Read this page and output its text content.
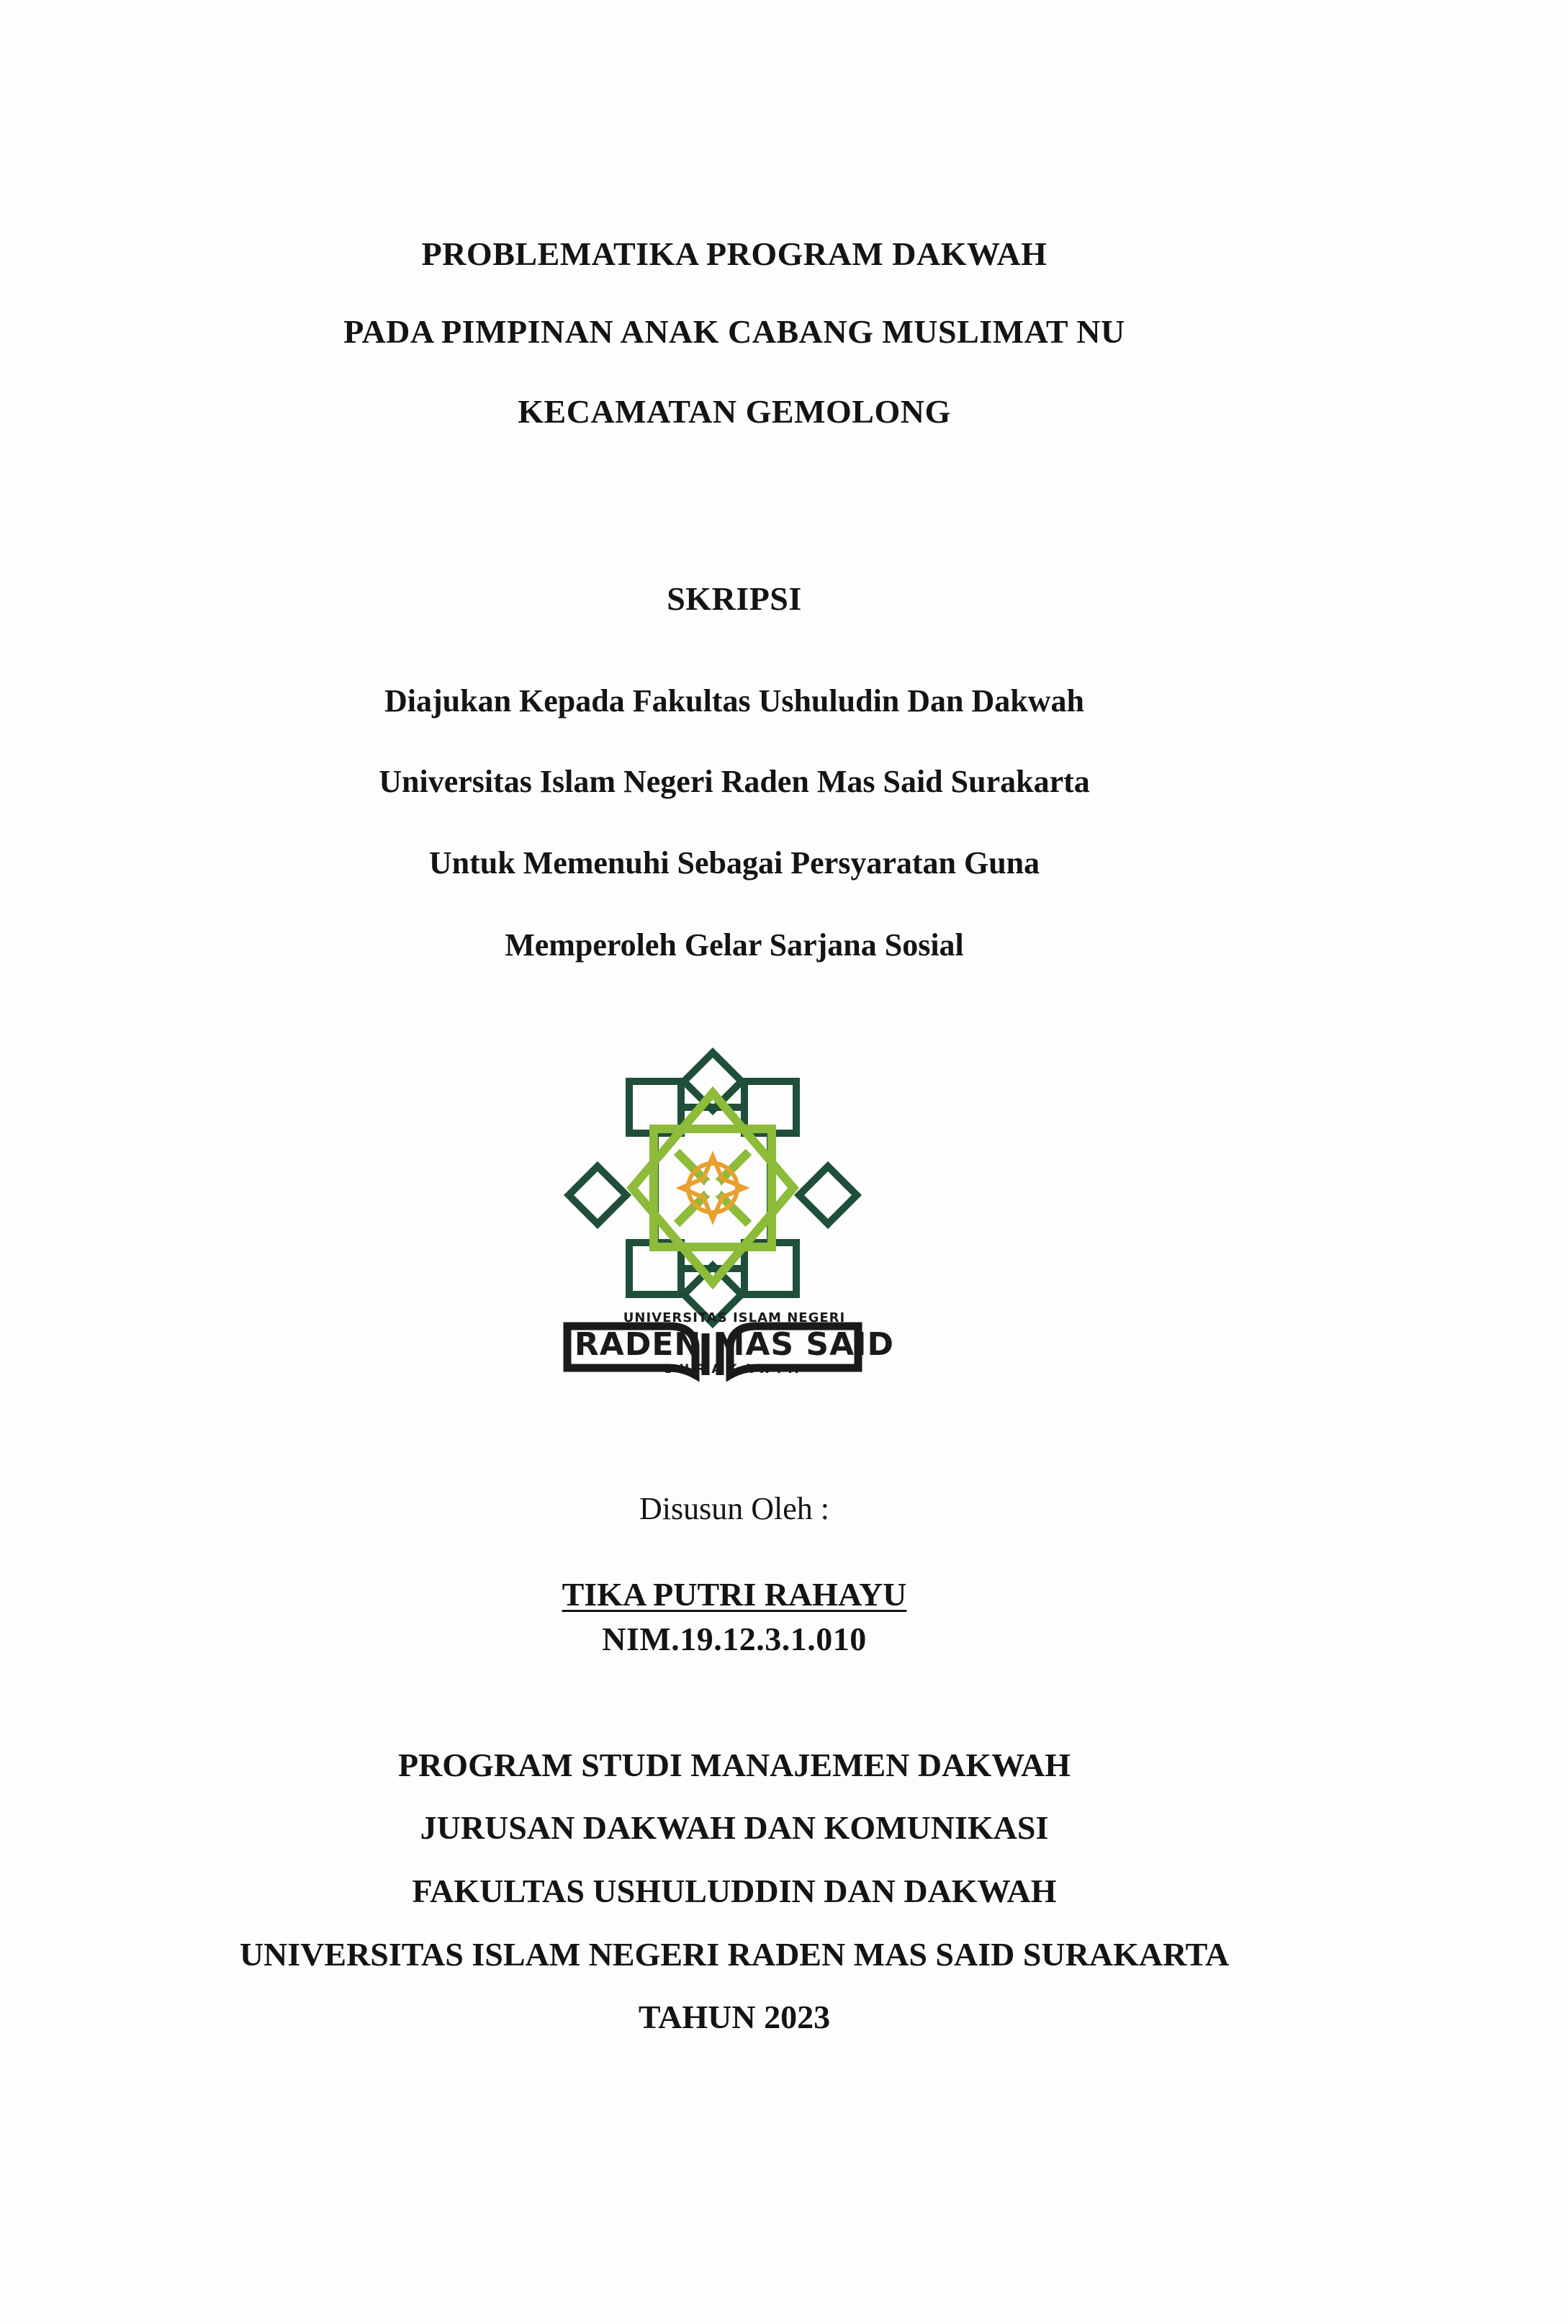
PROBLEMATIKA PROGRAM DAKWAH
PADA PIMPINAN ANAK CABANG MUSLIMAT NU
KECAMATAN GEMOLONG
SKRIPSI
Diajukan Kepada Fakultas Ushuludin Dan Dakwah
Universitas Islam Negeri Raden Mas Said Surakarta
Untuk Memenuhi Sebagai Persyaratan Guna
Memperoleh Gelar Sarjana Sosial
UNIVERSITAS ISLAM NEGERI
RADEN MAS SAID
SURAKARTA
Disusun Oleh :
TIKA PUTRI RAHAYU
NIM.19.12.3.1.010
PROGRAM STUDI MANAJEMEN DAKWAH
JURUSAN DAKWAH DAN KOMUNIKASI
FAKULTAS USHULUDDIN DAN DAKWAH
UNIVERSITAS ISLAM NEGERI RADEN MAS SAID SURAKARTA
TAHUN 2023
